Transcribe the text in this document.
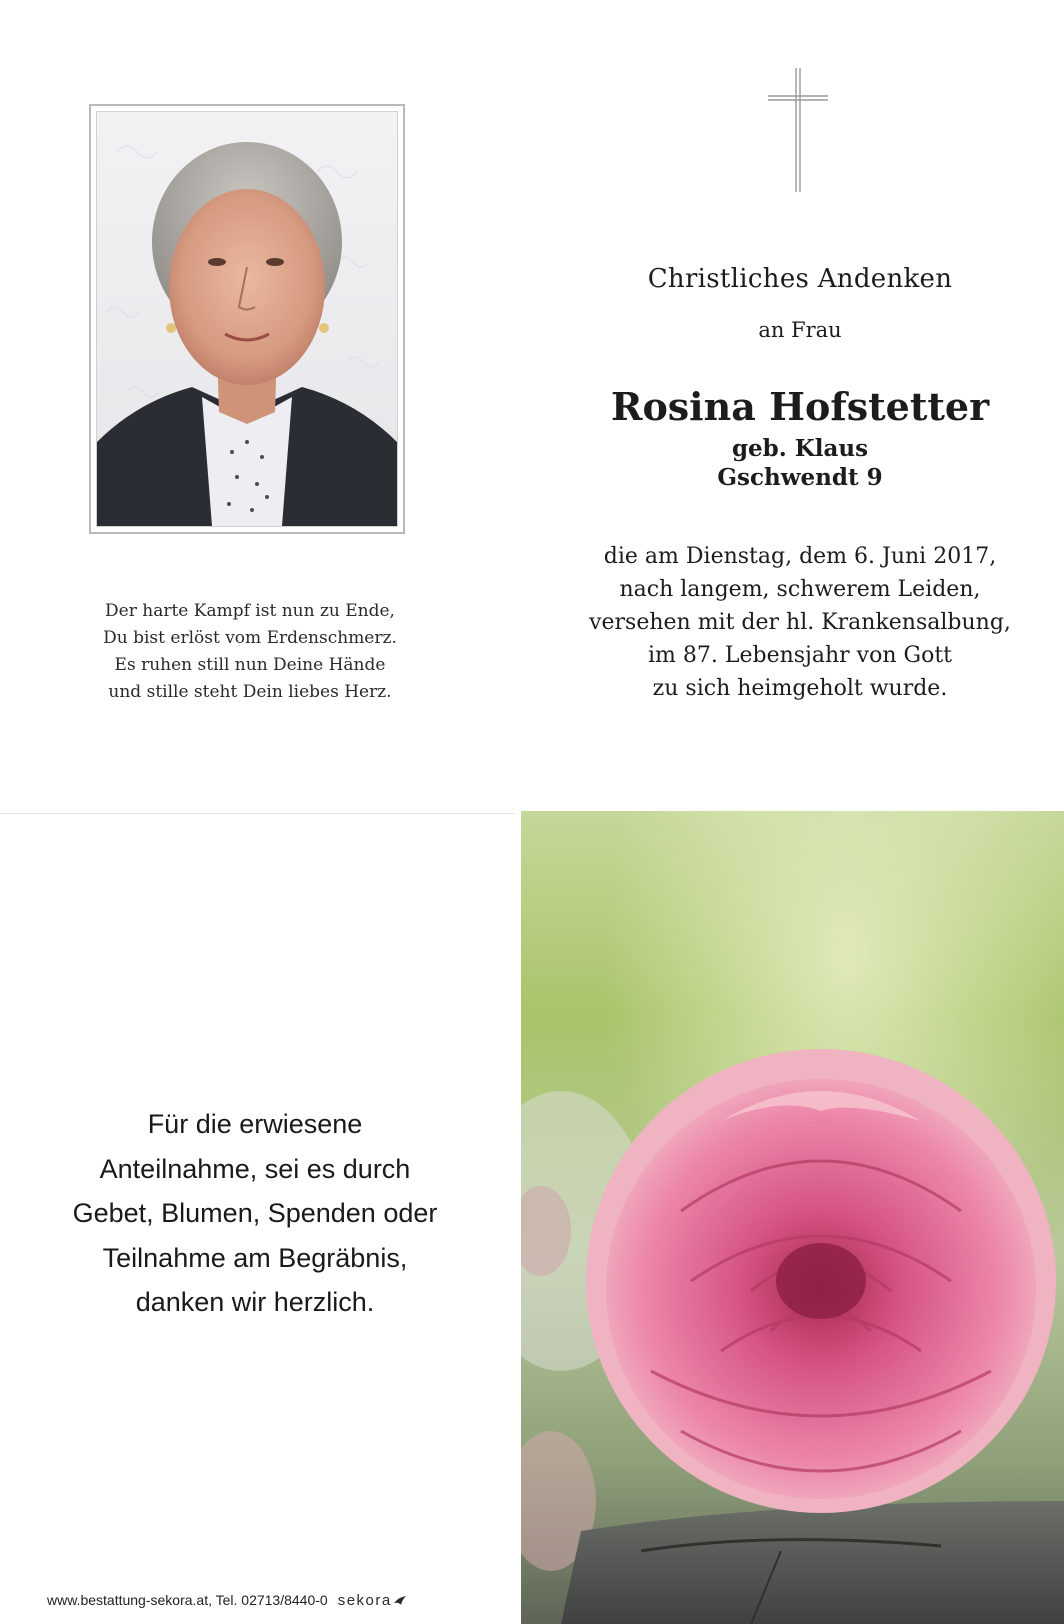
Der harte Kampf ist nun zu Ende,
Du bist erlöst vom Erdenschmerz.
Es ruhen still nun Deine Hände
und stille steht Dein liebes Herz.
Christliches Andenken
an Frau
Rosina Hofstetter
geb. Klaus
Gschwendt 9
die am Dienstag, dem 6. Juni 2017,
nach langem, schwerem Leiden,
versehen mit der hl. Krankensalbung,
im 87. Lebensjahr von Gott
zu sich heimgeholt wurde.
Für die erwiesene
Anteilnahme, sei es durch
Gebet, Blumen, Spenden oder
Teilnahme am Begräbnis,
danken wir herzlich.
www.bestattung-sekora.at, Tel. 02713/8440-0 sekora
